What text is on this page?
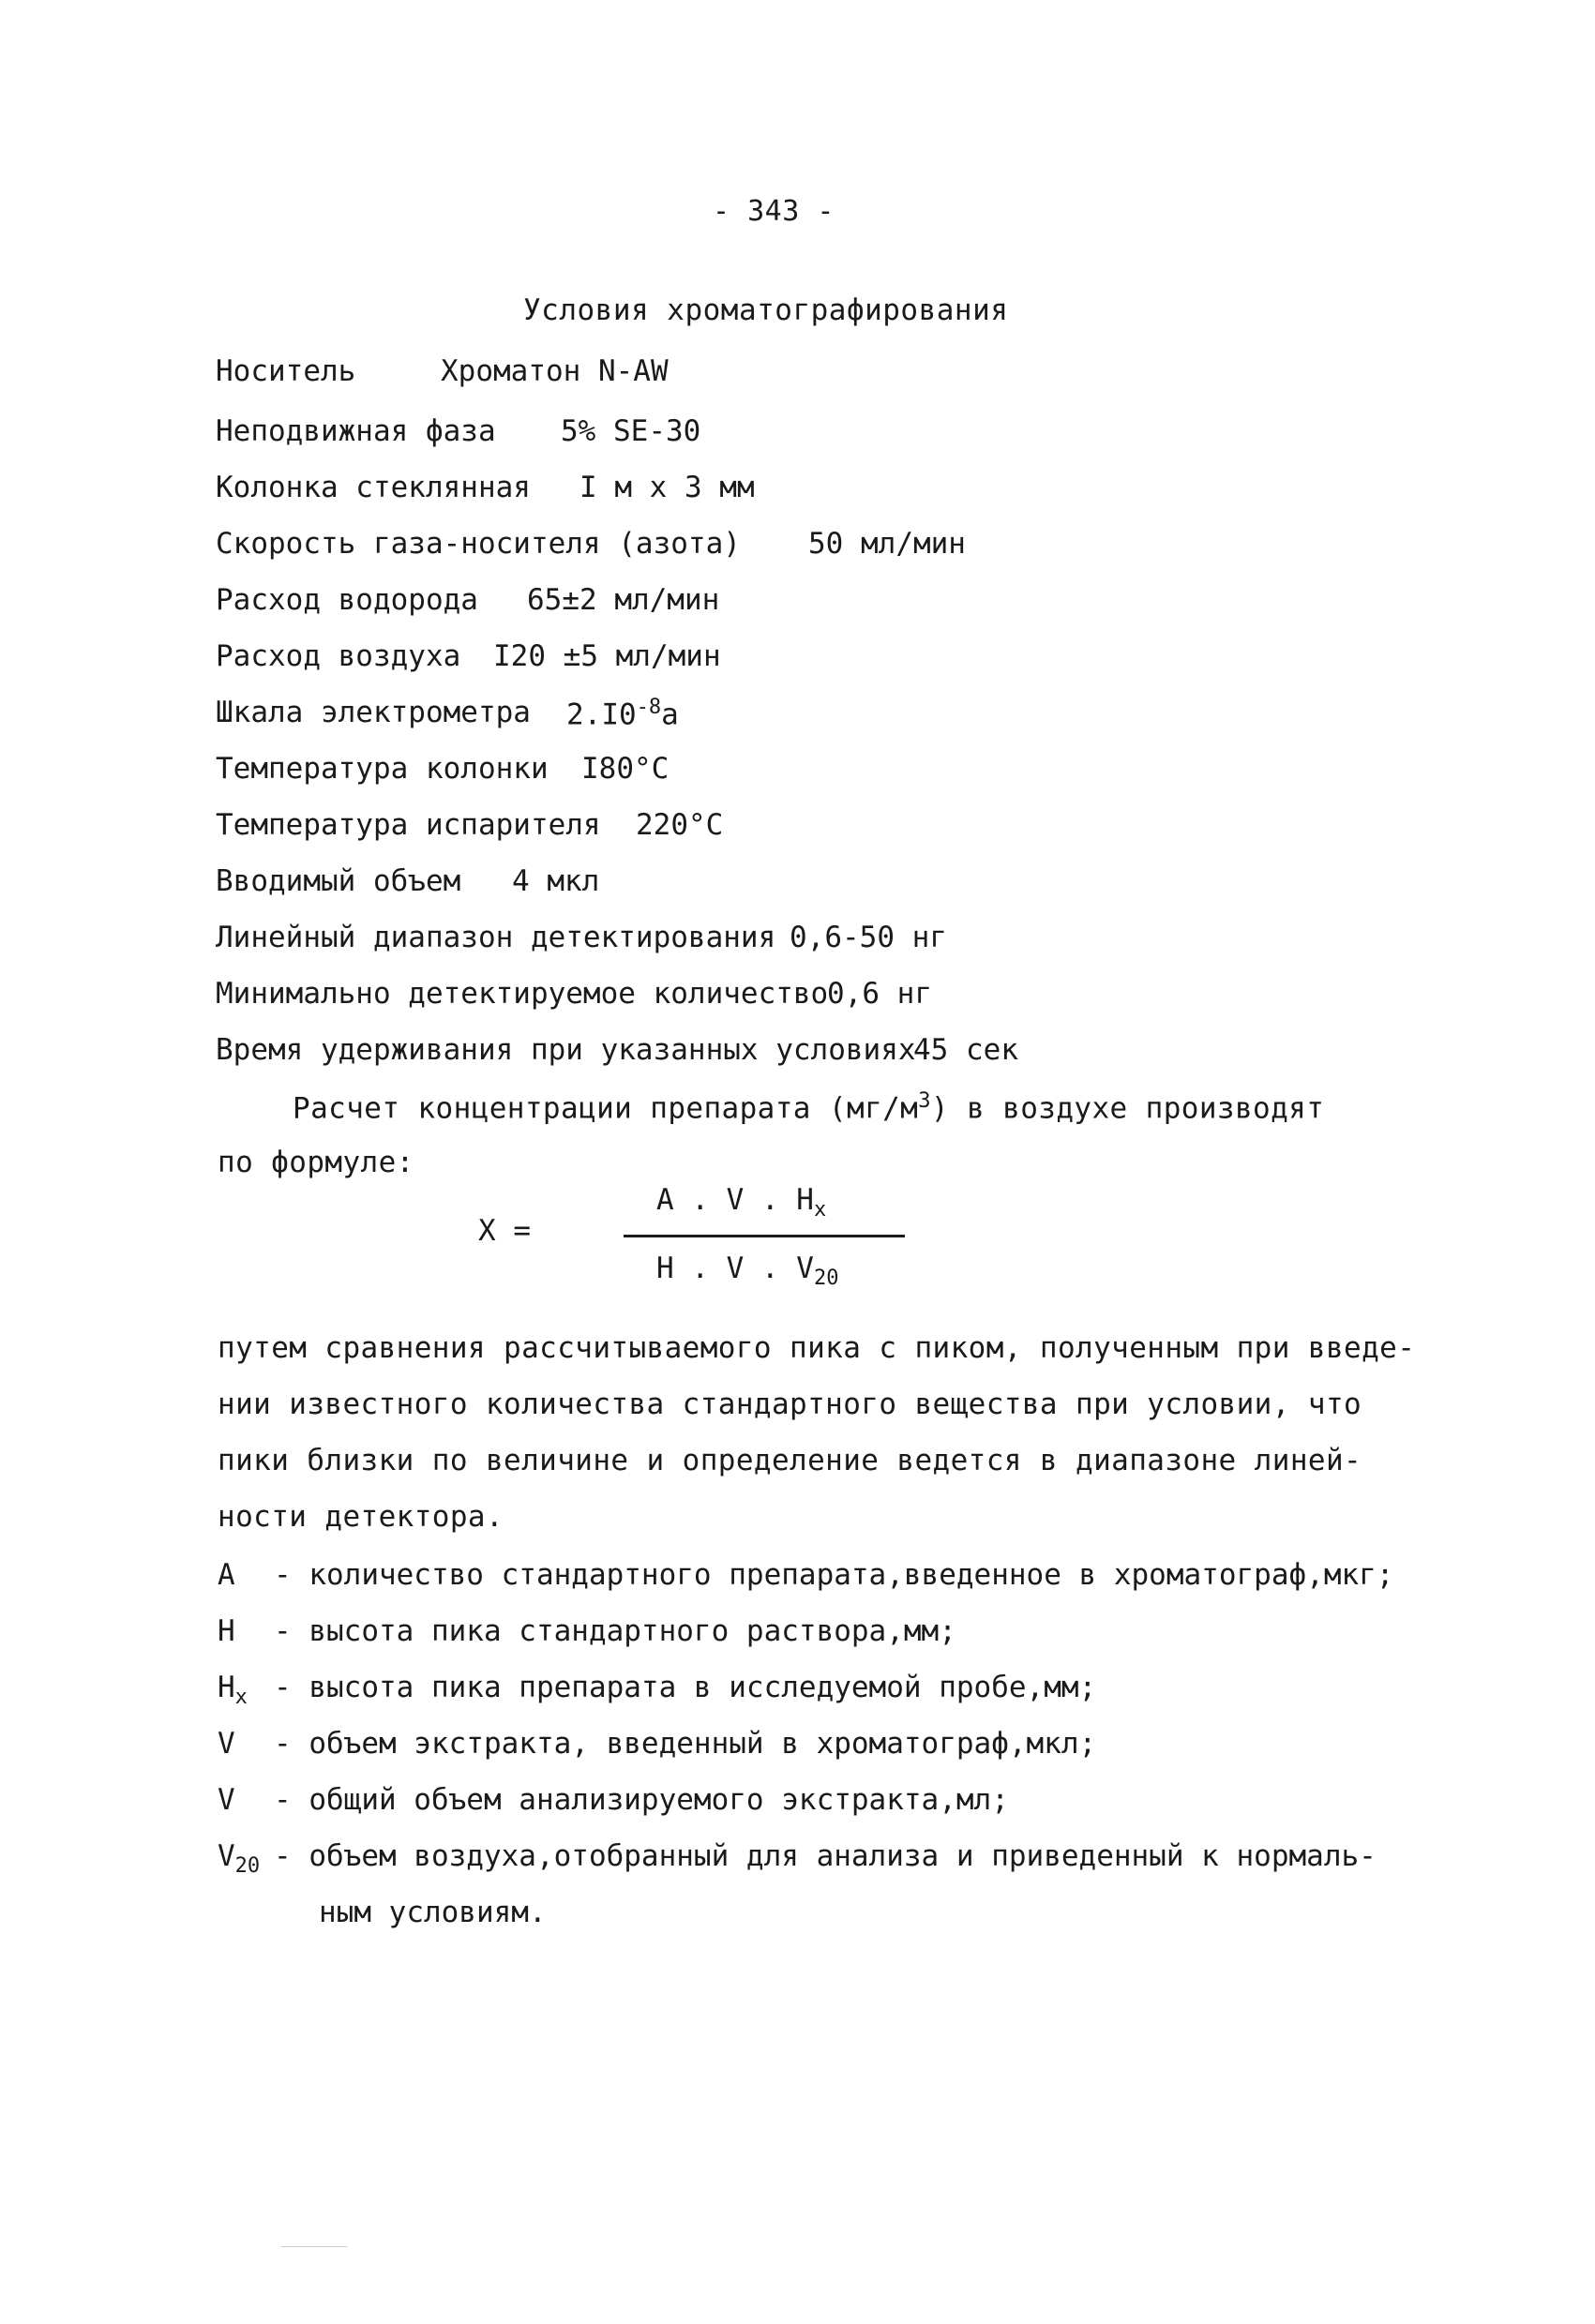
- 343 -
Условия хроматографирования
Носитель	Хроматон N-AW
Неподвижная фаза 5% SE-30
Колонка стеклянная I м х 3 мм
Скорость газа-носителя (азота) 50 мл/мин
Расход водорода 65±2 мл/мин
Расход воздуха I20 ±5 мл/мин
Шкала электрометра $2.I0^{-8}а$
Температура колонки I80°C
Температура испарителя 220°C
Вводимый объем 4 мкл
Линейный диапазон детектирования 0,6-50 нг
Минимально детектируемое количество
0,6 нг
Время удерживания при указанных условиях
45 сек
Расчет концентрации препарата $(мг/м^3)$ в воздухе производят
по формуле:
X =
A . V . $H_x$
H . V . $V_{20}$
путем сравнения рассчитываемого пика с пиком, полученным при введе-
нии известного количества стандартного вещества при условии, что
пики близки по величине и определение ведется в диапазоне линей-
ности детектора.
A - количество стандартного препарата,введенное в хроматограф,мкг;
H - высота пика стандартного раствора,мм;
$H_x$ - высота пика препарата в исследуемой пробе,мм;
V - объем экстракта, введенный в хроматограф,мкл;
V - общий объем анализируемого экстракта,мл;
$V_{20}$ - объем воздуха,отобранный для анализа и приведенный к нормаль-
ным условиям.
